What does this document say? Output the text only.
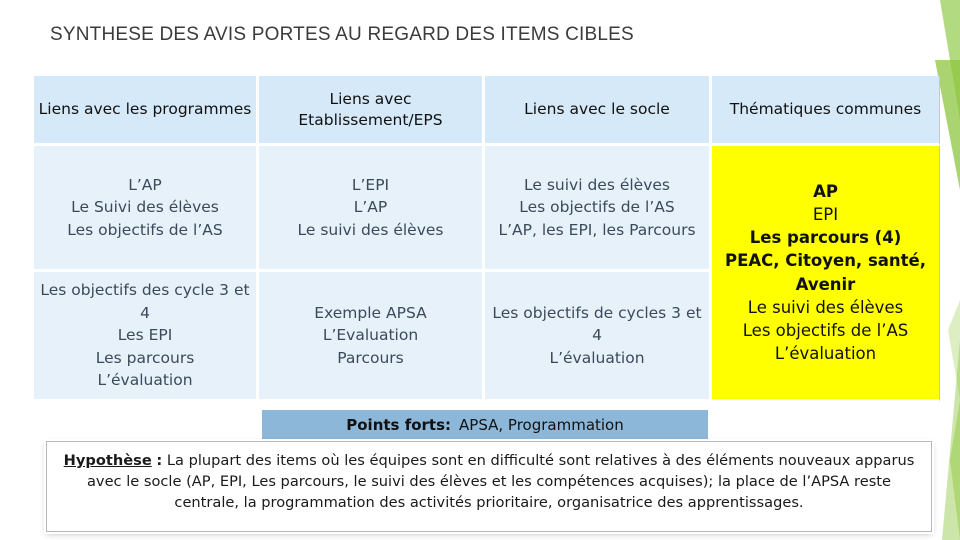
SYNTHESE DES AVIS PORTES AU REGARD DES ITEMS CIBLES
Liens avec les programmes
Liens avec Etablissement/EPS
Liens avec le socle	Thématiques communes
L’AP
Le Suivi des élèves
Les objectifs de l’AS
L’EPI
L’AP
Le suivi des élèves
Le suivi des élèves
Les objectifs de l’AS
L’AP, les EPI, les Parcours
AP
EPI
Les parcours (4)
PEAC, Citoyen, santé, Avenir
Le suivi des élèves
Les objectifs de l’AS
L’évaluation
Les objectifs des cycle 3 et 4
Les EPI
Les parcours
L’évaluation
Exemple APSA
L’Evaluation
Parcours
Les objectifs de cycles 3 et 4
L’évaluation
Points forts: APSA, Programmation
Hypothèse : La plupart des items où les équipes sont en difficulté sont relatives à des éléments nouveaux apparus avec le socle (AP, EPI, Les parcours, le suivi des élèves et les compétences acquises); la place de l’APSA reste centrale, la programmation des activités prioritaire, organisatrice des apprentissages.
